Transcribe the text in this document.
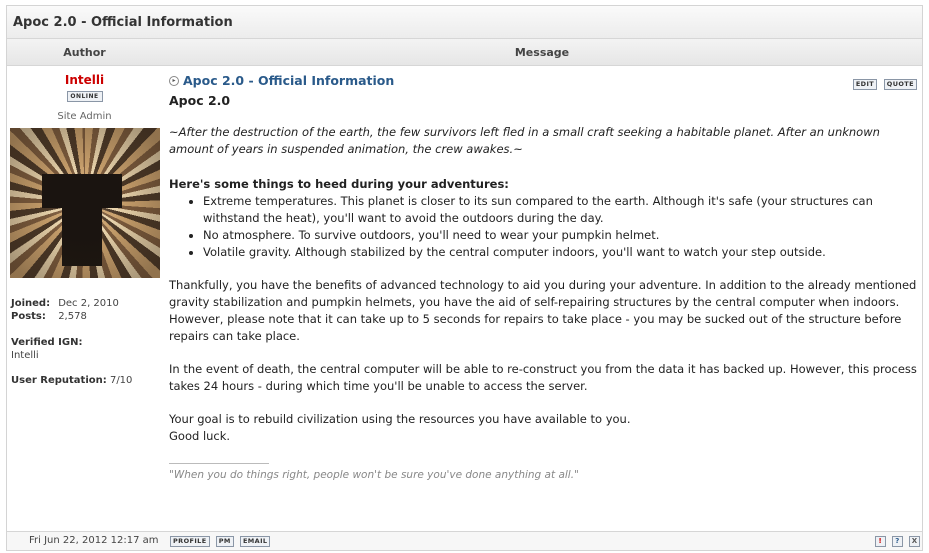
Apoc 2.0 - Official Information
Author	Message
Intelli
ONLINE
Site Admin
Joined: Dec 2, 2010
Posts: 2,578
Verified IGN:
Intelli
User Reputation: 7/10
▸ Apoc 2.0 - Official Information	EDIT QUOTE
Apoc 2.0
~After the destruction of the earth, the few survivors left fled in a small craft seeking a habitable planet. After an unknown amount of years in suspended animation, the crew awakes.~
Here's some things to heed during your adventures:
• Extreme temperatures. This planet is closer to its sun compared to the earth. Although it's safe (your structures can withstand the heat), you'll want to avoid the outdoors during the day.
• No atmosphere. To survive outdoors, you'll need to wear your pumpkin helmet.
• Volatile gravity. Although stabilized by the central computer indoors, you'll want to watch your step outside.
Thankfully, you have the benefits of advanced technology to aid you during your adventure. In addition to the already mentioned gravity stabilization and pumpkin helmets, you have the aid of self-repairing structures by the central computer when indoors. However, please note that it can take up to 5 seconds for repairs to take place - you may be sucked out of the structure before repairs can take place.
In the event of death, the central computer will be able to re-construct you from the data it has backed up. However, this process takes 24 hours - during which time you'll be unable to access the server.
Your goal is to rebuild civilization using the resources you have available to you.
Good luck.
"When you do things right, people won't be sure you've done anything at all."
Fri Jun 22, 2012 12:17 am	PROFILE PM EMAIL	! ? X
